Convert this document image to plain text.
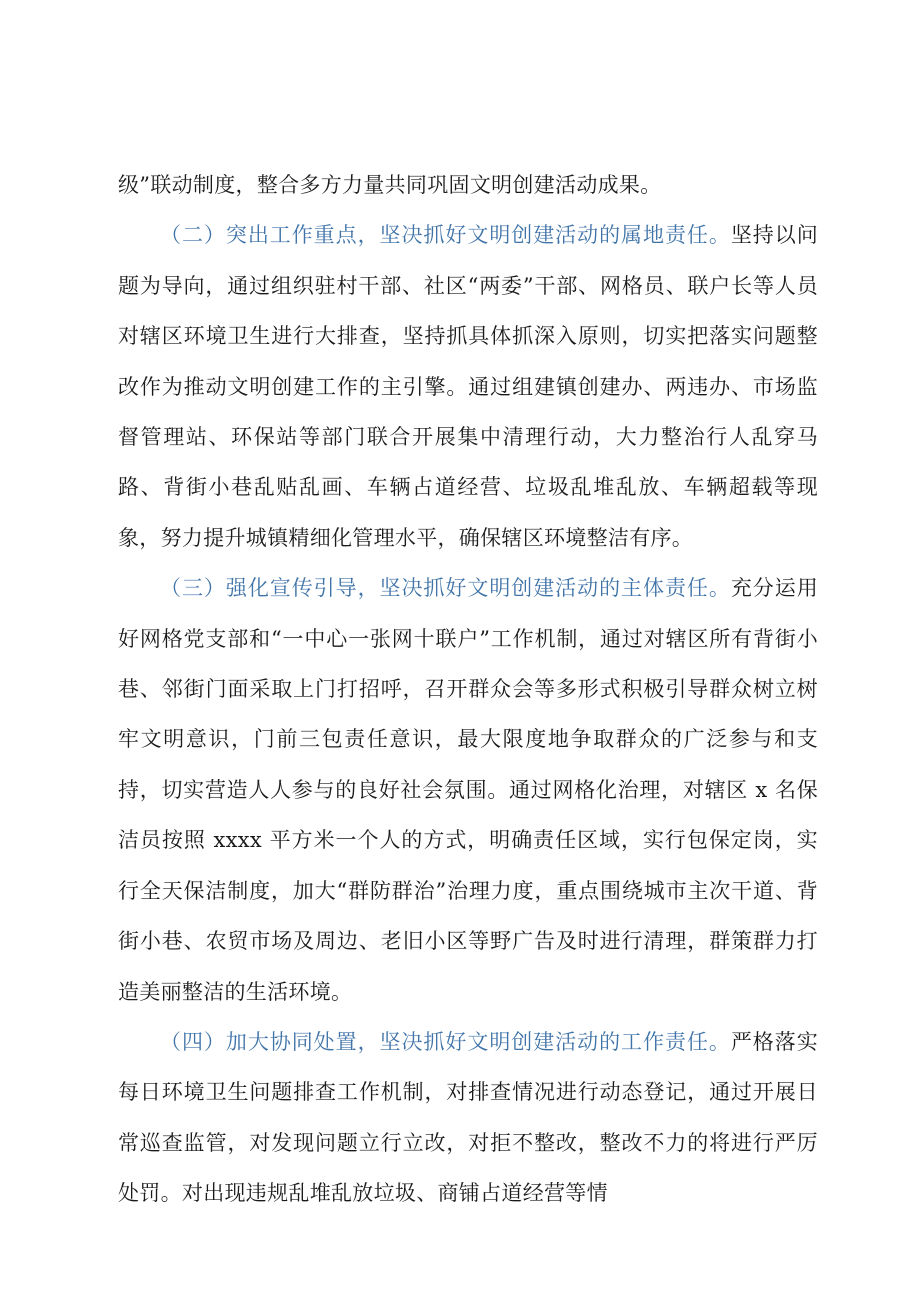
级”联动制度，整合多方力量共同巩固文明创建活动成果。

（二）突出工作重点，坚决抓好文明创建活动的属地责任。坚持以问题为导向，通过组织驻村干部、社区“两委”干部、网格员、联户长等人员对辖区环境卫生进行大排查，坚持抓具体抓深入原则，切实把落实问题整改作为推动文明创建工作的主引擎。通过组建镇创建办、两违办、市场监督管理站、环保站等部门联合开展集中清理行动，大力整治行人乱穿马路、背街小巷乱贴乱画、车辆占道经营、垃圾乱堆乱放、车辆超载等现象，努力提升城镇精细化管理水平，确保辖区环境整洁有序。

（三）强化宣传引导，坚决抓好文明创建活动的主体责任。充分运用好网格党支部和“一中心一张网十联户”工作机制，通过对辖区所有背街小巷、邻街门面采取上门打招呼，召开群众会等多形式积极引导群众树立树牢文明意识，门前三包责任意识，最大限度地争取群众的广泛参与和支持，切实营造人人参与的良好社会氛围。通过网格化治理，对辖区 x 名保洁员按照 xxxx 平方米一个人的方式，明确责任区域，实行包保定岗，实行全天保洁制度，加大“群防群治”治理力度，重点围绕城市主次干道、背街小巷、农贸市场及周边、老旧小区等野广告及时进行清理，群策群力打造美丽整洁的生活环境。

（四）加大协同处置，坚决抓好文明创建活动的工作责任。严格落实每日环境卫生问题排查工作机制，对排查情况进行动态登记，通过开展日常巡查监管，对发现问题立行立改，对拒不整改，整改不力的将进行严厉处罚。对出现违规乱堆乱放垃圾、商铺占道经营等情
